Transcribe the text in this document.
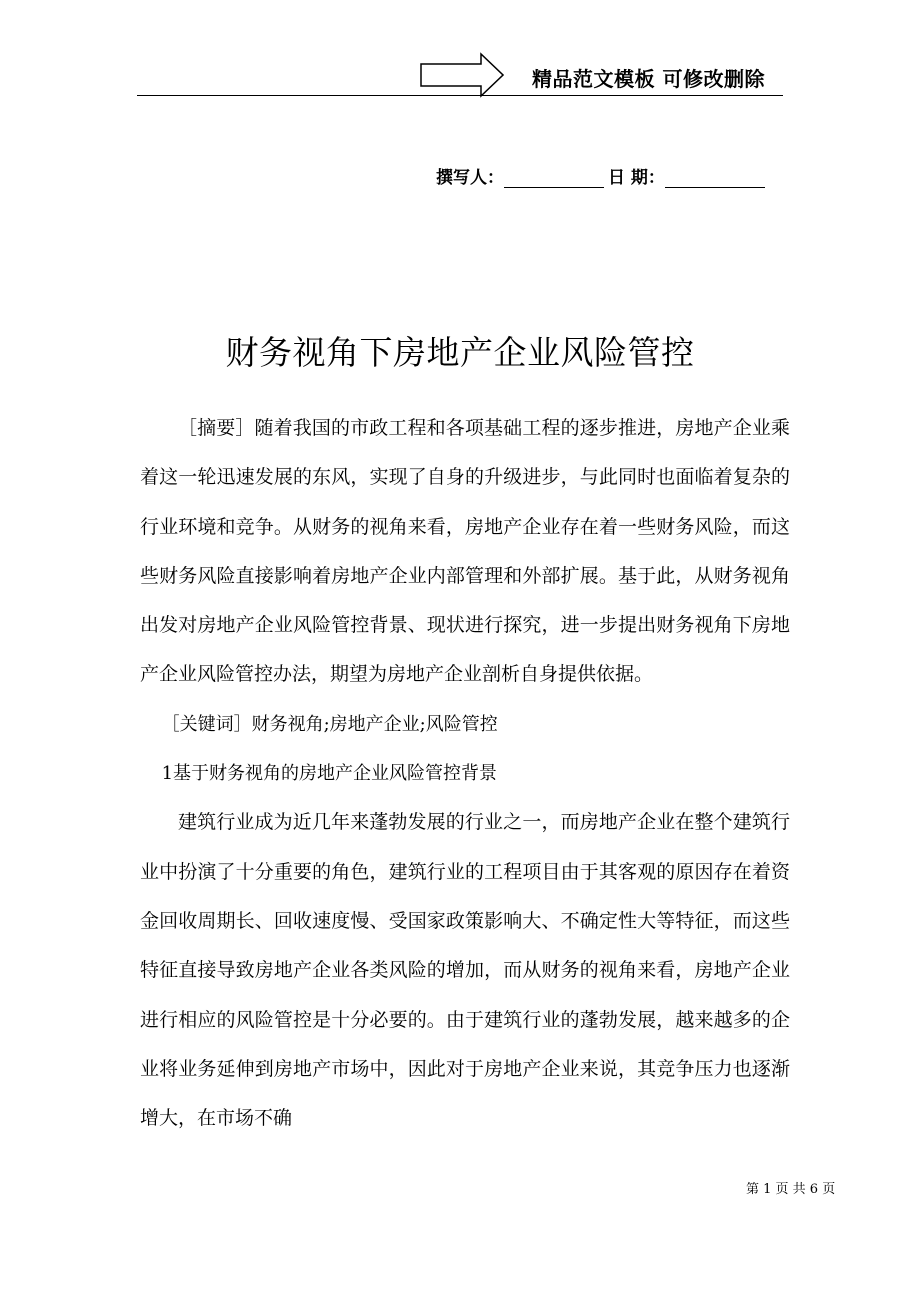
精品范文模板 可修改删除
撰写人：	日 期：
财务视角下房地产企业风险管控

［摘要］随着我国的市政工程和各项基础工程的逐步推进，房地产企业乘着这一轮迅速发展的东风，实现了自身的升级进步，与此同时也面临着复杂的行业环境和竞争。从财务的视角来看，房地产企业存在着一些财务风险，而这些财务风险直接影响着房地产企业内部管理和外部扩展。基于此，从财务视角出发对房地产企业风险管控背景、现状进行探究，进一步提出财务视角下房地产企业风险管控办法，期望为房地产企业剖析自身提供依据。

［关键词］财务视角;房地产企业;风险管控

1基于财务视角的房地产企业风险管控背景

建筑行业成为近几年来蓬勃发展的行业之一，而房地产企业在整个建筑行业中扮演了十分重要的角色，建筑行业的工程项目由于其客观的原因存在着资金回收周期长、回收速度慢、受国家政策影响大、不确定性大等特征，而这些特征直接导致房地产企业各类风险的增加，而从财务的视角来看，房地产企业进行相应的风险管控是十分必要的。由于建筑行业的蓬勃发展，越来越多的企业将业务延伸到房地产市场中，因此对于房地产企业来说，其竞争压力也逐渐增大，在市场不确

第 1 页 共 6 页
